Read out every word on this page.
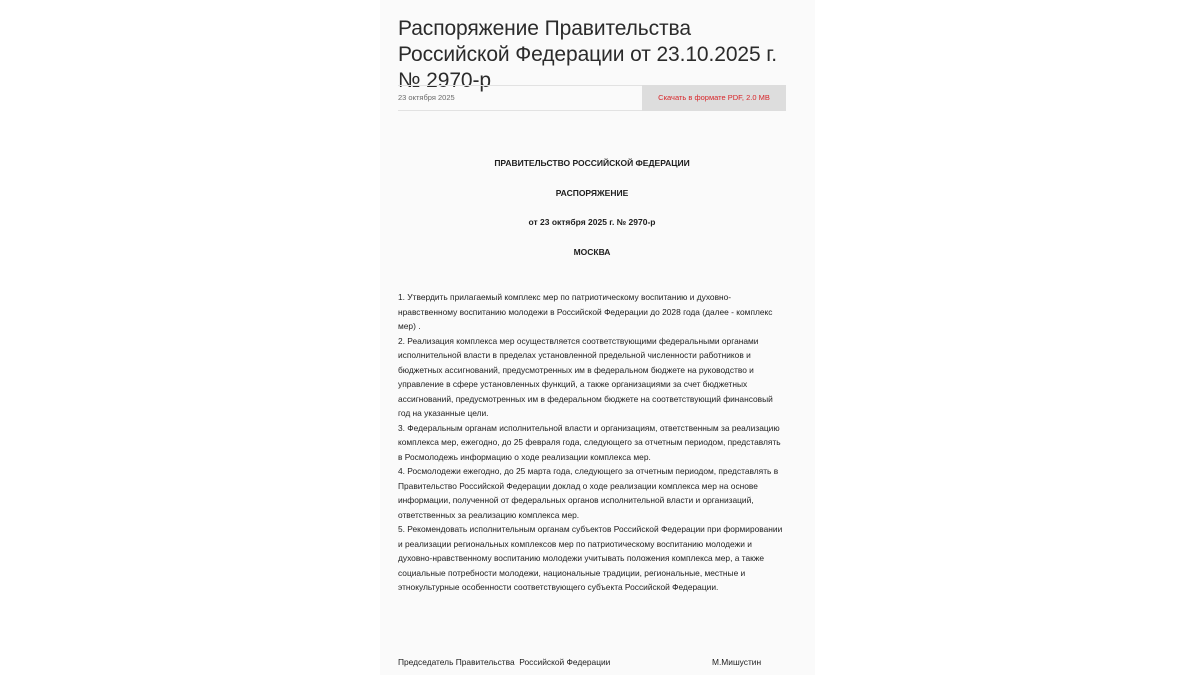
Распоряжение Правительства Российской Федерации от 23.10.2025 г. № 2970-р
23 октября 2025	Скачать в формате PDF, 2.0 MB

ПРАВИТЕЛЬСТВО РОССИЙСКОЙ ФЕДЕРАЦИИ

РАСПОРЯЖЕНИЕ

от 23 октября 2025 г. № 2970-р

МОСКВА

1. Утвердить прилагаемый комплекс мер по патриотическому воспитанию и духовно-нравственному воспитанию молодежи в Российской Федерации до 2028 года (далее - комплекс мер) .

2. Реализация комплекса мер осуществляется соответствующими федеральными органами исполнительной власти в пределах установленной предельной численности работников и бюджетных ассигнований, предусмотренных им в федеральном бюджете на руководство и управление в сфере установленных функций, а также организациями за счет бюджетных ассигнований, предусмотренных им в федеральном бюджете на соответствующий финансовый год на указанные цели.

3. Федеральным органам исполнительной власти и организациям, ответственным за реализацию комплекса мер, ежегодно, до 25 февраля года, следующего за отчетным периодом, представлять в Росмолодежь информацию о ходе реализации комплекса мер.

4. Росмолодежи ежегодно, до 25 марта года, следующего за отчетным периодом, представлять в Правительство Российской Федерации доклад о ходе реализации комплекса мер на основе информации, полученной от федеральных органов исполнительной власти и организаций, ответственных за реализацию комплекса мер.

5. Рекомендовать исполнительным органам субъектов Российской Федерации при формировании и реализации региональных комплексов мер по патриотическому воспитанию молодежи и духовно-нравственному воспитанию молодежи учитывать положения комплекса мер, а также социальные потребности молодежи, национальные традиции, региональные, местные и этнокультурные особенности соответствующего субъекта Российской Федерации.

Председатель Правительства  Российской Федерации	М.Мишустин
